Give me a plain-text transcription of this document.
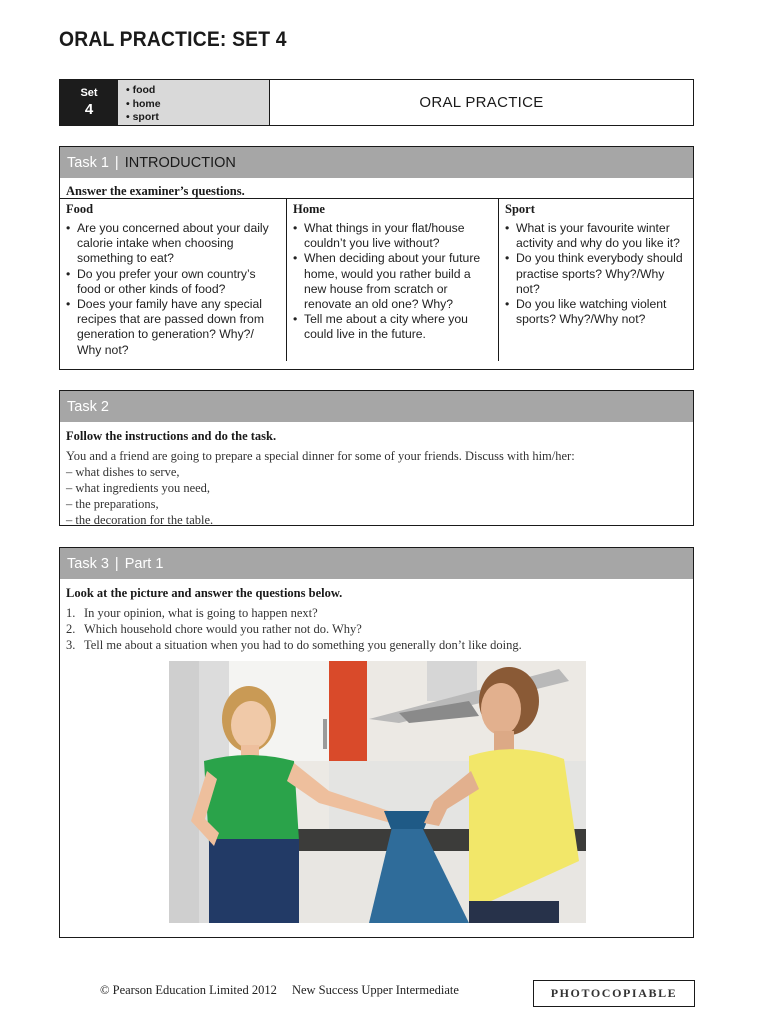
ORAL PRACTICE: SET 4
Set
4
• food
• home
• sport
ORAL PRACTICE
Task 1 | INTRODUCTION
Answer the examiner’s questions.
Food
• Are you concerned about your daily calorie intake when choosing something to eat?
• Do you prefer your own country’s food or other kinds of food?
• Does your family have any special recipes that are passed down from generation to generation? Why?/ Why not?
Home
• What things in your flat/house couldn’t you live without?
• When deciding about your future home, would you rather build a new house from scratch or renovate an old one? Why?
• Tell me about a city where you could live in the future.
Sport
• What is your favourite winter activity and why do you like it?
• Do you think everybody should practise sports? Why?/Why not?
• Do you like watching violent sports? Why?/Why not?
Task 2
Follow the instructions and do the task.
You and a friend are going to prepare a special dinner for some of your friends. Discuss with him/her:
– what dishes to serve,
– what ingredients you need,
– the preparations,
– the decoration for the table.
Task 3 | Part 1
Look at the picture and answer the questions below.
1. In your opinion, what is going to happen next?
2. Which household chore would you rather not do. Why?
3. Tell me about a situation when you had to do something you generally don’t like doing.
© Pearson Education Limited 2012 New Success Upper Intermediate	PHOTOCOPIABLE
